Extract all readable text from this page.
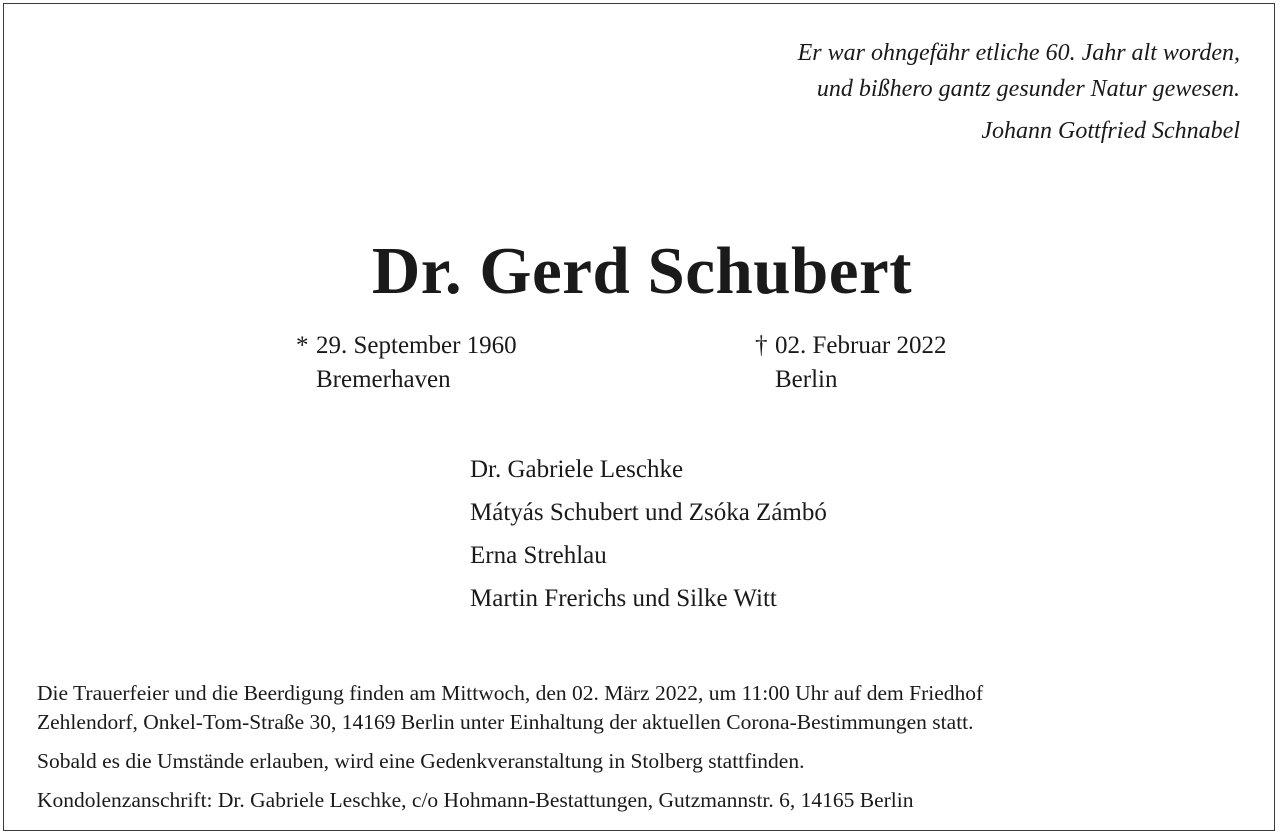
Er war ohngefähr etliche 60. Jahr alt worden,
und bißhero gantz gesunder Natur gewesen.
Johann Gottfried Schnabel
Dr. Gerd Schubert
* 29. September 1960
Bremerhaven
† 02. Februar 2022
Berlin
Dr. Gabriele Leschke
Mátyás Schubert und Zsóka Zámbó
Erna Strehlau
Martin Frerichs und Silke Witt

Die Trauerfeier und die Beerdigung finden am Mittwoch, den 02. März 2022, um 11:00 Uhr auf dem Friedhof
Zehlendorf, Onkel-Tom-Straße 30, 14169 Berlin unter Einhaltung der aktuellen Corona-Bestimmungen statt.

Sobald es die Umstände erlauben, wird eine Gedenkveranstaltung in Stolberg stattfinden.

Kondolenzanschrift: Dr. Gabriele Leschke, c/o Hohmann-Bestattungen, Gutzmannstr. 6, 14165 Berlin
